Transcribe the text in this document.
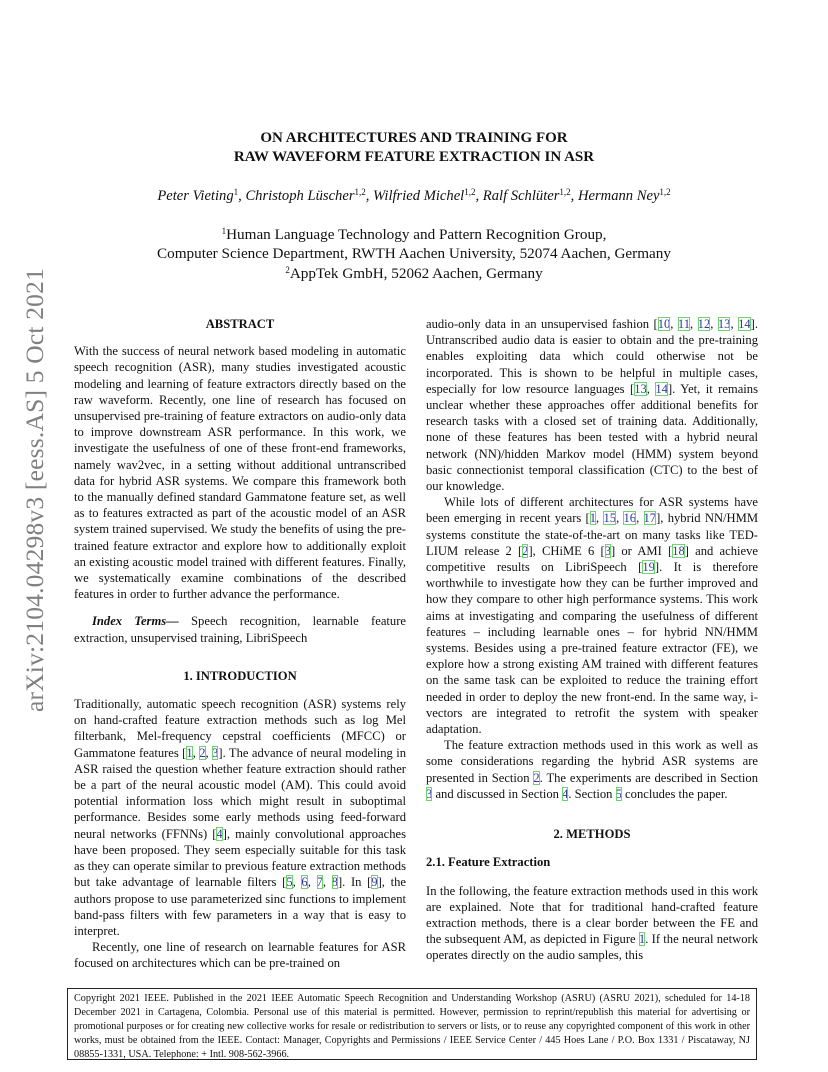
arXiv:2104.04298v3 [eess.AS] 5 Oct 2021
ON ARCHITECTURES AND TRAINING FOR
RAW WAVEFORM FEATURE EXTRACTION IN ASR
Peter Vieting$^1$, Christoph Lüscher$^{1,2}$, Wilfried Michel$^{1,2}$, Ralf Schlüter$^{1,2}$, Hermann Ney$^{1,2}$
$^1$Human Language Technology and Pattern Recognition Group,
Computer Science Department, RWTH Aachen University, 52074 Aachen, Germany
$^2$AppTek GmbH, 52062 Aachen, Germany
ABSTRACT

With the success of neural network based modeling in automatic speech recognition (ASR), many studies investigated acoustic modeling and learning of feature extractors directly based on the raw waveform. Recently, one line of research has focused on unsupervised pre-training of feature extractors on audio-only data to improve downstream ASR performance. In this work, we investigate the usefulness of one of these front-end frameworks, namely wav2vec, in a setting without additional untranscribed data for hybrid ASR systems. We compare this framework both to the manually defined standard Gammatone feature set, as well as to features extracted as part of the acoustic model of an ASR system trained supervised. We study the benefits of using the pre-trained feature extractor and explore how to additionally exploit an existing acoustic model trained with different features. Finally, we systematically examine combinations of the described features in order to further advance the performance.

Index Terms— Speech recognition, learnable feature extraction, unsupervised training, LibriSpeech

1. INTRODUCTION

Traditionally, automatic speech recognition (ASR) systems rely on hand-crafted feature extraction methods such as log Mel filterbank, Mel-frequency cepstral coefficients (MFCC) or Gammatone features [1, 2, 3]. The advance of neural modeling in ASR raised the question whether feature extraction should rather be a part of the neural acoustic model (AM). This could avoid potential information loss which might result in suboptimal performance. Besides some early methods using feed-forward neural networks (FFNNs) [4], mainly convolutional approaches have been proposed. They seem especially suitable for this task as they can operate similar to previous feature extraction methods but take advantage of learnable filters [5, 6, 7, 8]. In [9], the authors propose to use parameterized sinc functions to implement band-pass filters with few parameters in a way that is easy to interpret.

Recently, one line of research on learnable features for ASR focused on architectures which can be pre-trained on

audio-only data in an unsupervised fashion [10, 11, 12, 13, 14]. Untranscribed audio data is easier to obtain and the pre-training enables exploiting data which could otherwise not be incorporated. This is shown to be helpful in multiple cases, especially for low resource languages [13, 14]. Yet, it remains unclear whether these approaches offer additional benefits for research tasks with a closed set of training data. Additionally, none of these features has been tested with a hybrid neural network (NN)/hidden Markov model (HMM) system beyond basic connectionist temporal classification (CTC) to the best of our knowledge.

While lots of different architectures for ASR systems have been emerging in recent years [1, 15, 16, 17], hybrid NN/HMM systems constitute the state-of-the-art on many tasks like TED-LIUM release 2 [2], CHiME 6 [3] or AMI [18] and achieve competitive results on LibriSpeech [19]. It is therefore worthwhile to investigate how they can be further improved and how they compare to other high performance systems. This work aims at investigating and comparing the usefulness of different features – including learnable ones – for hybrid NN/HMM systems. Besides using a pre-trained feature extractor (FE), we explore how a strong existing AM trained with different features on the same task can be exploited to reduce the training effort needed in order to deploy the new front-end. In the same way, i-vectors are integrated to retrofit the system with speaker adaptation.

The feature extraction methods used in this work as well as some considerations regarding the hybrid ASR systems are presented in Section 2. The experiments are described in Section 3 and discussed in Section 4. Section 5 concludes the paper.

2. METHODS

2.1. Feature Extraction

In the following, the feature extraction methods used in this work are explained. Note that for traditional hand-crafted feature extraction methods, there is a clear border between the FE and the subsequent AM, as depicted in Figure 1. If the neural network operates directly on the audio samples, this

Copyright 2021 IEEE. Published in the 2021 IEEE Automatic Speech Recognition and Understanding Workshop (ASRU) (ASRU 2021), scheduled for 14-18 December 2021 in Cartagena, Colombia. Personal use of this material is permitted. However, permission to reprint/republish this material for advertising or promotional purposes or for creating new collective works for resale or redistribution to servers or lists, or to reuse any copyrighted component of this work in other works, must be obtained from the IEEE. Contact: Manager, Copyrights and Permissions / IEEE Service Center / 445 Hoes Lane / P.O. Box 1331 / Piscataway, NJ 08855-1331, USA. Telephone: + Intl. 908-562-3966.
